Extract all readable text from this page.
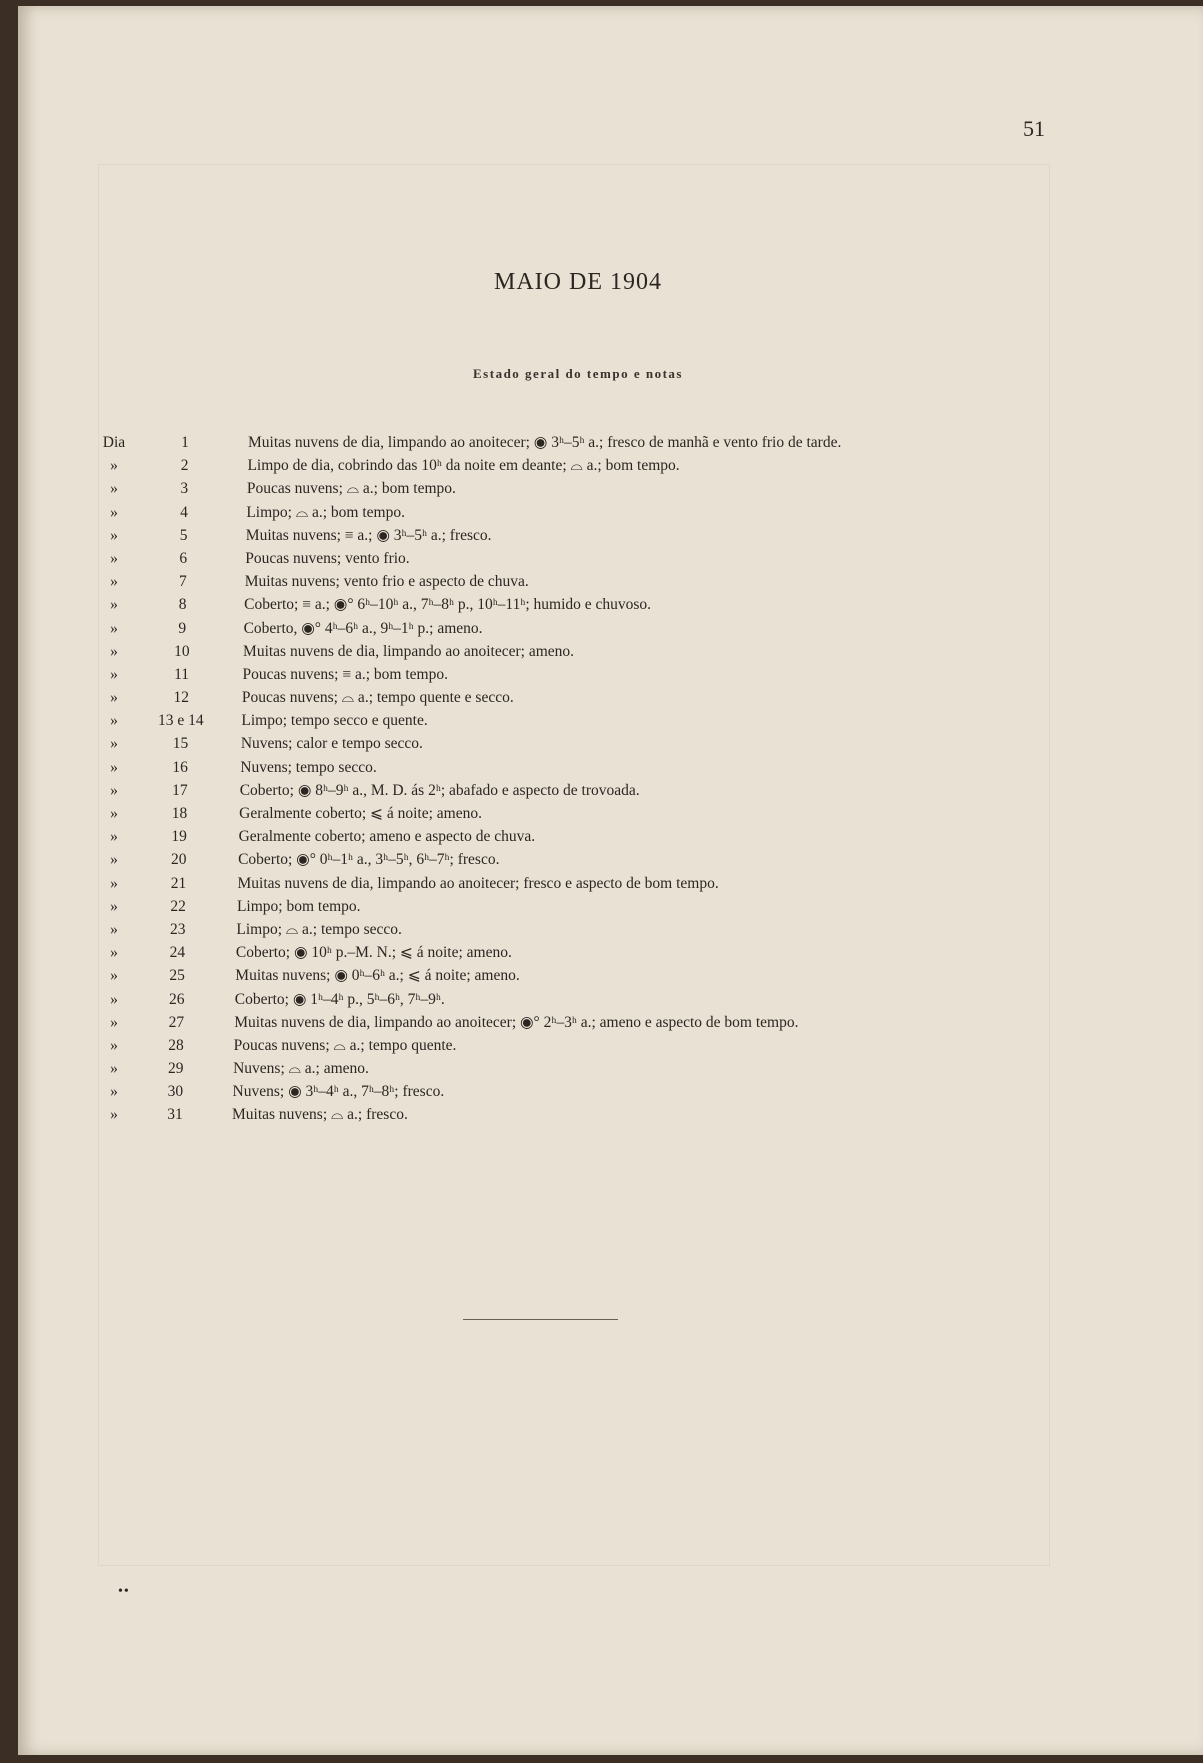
51
MAIO DE 1904
Estado geral do tempo e notas
Dia	1	Muitas nuvens de dia, limpando ao anoitecer; ◉ 3ʰ–5ʰ a.; fresco de manhã e vento frio de tarde.
»	2	Limpo de dia, cobrindo das 10ʰ da noite em deante; ⌓ a.; bom tempo.
»	3	Poucas nuvens; ⌓ a.; bom tempo.
»	4	Limpo; ⌓ a.; bom tempo.
»	5	Muitas nuvens; ≡ a.; ◉ 3ʰ–5ʰ a.; fresco.
»	6	Poucas nuvens; vento frio.
»	7	Muitas nuvens; vento frio e aspecto de chuva.
»	8	Coberto; ≡ a.; ◉° 6ʰ–10ʰ a., 7ʰ–8ʰ p., 10ʰ–11ʰ; humido e chuvoso.
»	9	Coberto, ◉° 4ʰ–6ʰ a., 9ʰ–1ʰ p.; ameno.
»	10	Muitas nuvens de dia, limpando ao anoitecer; ameno.
»	11	Poucas nuvens; ≡ a.; bom tempo.
»	12	Poucas nuvens; ⌓ a.; tempo quente e secco.
»	13 e 14	Limpo; tempo secco e quente.
»	15	Nuvens; calor e tempo secco.
»	16	Nuvens; tempo secco.
»	17	Coberto; ◉ 8ʰ–9ʰ a., M. D. ás 2ʰ; abafado e aspecto de trovoada.
»	18	Geralmente coberto; ⩽ á noite; ameno.
»	19	Geralmente coberto; ameno e aspecto de chuva.
»	20	Coberto; ◉° 0ʰ–1ʰ a., 3ʰ–5ʰ, 6ʰ–7ʰ; fresco.
»	21	Muitas nuvens de dia, limpando ao anoitecer; fresco e aspecto de bom tempo.
»	22	Limpo; bom tempo.
»	23	Limpo; ⌓ a.; tempo secco.
»	24	Coberto; ◉ 10ʰ p.–M. N.; ⩽ á noite; ameno.
»	25	Muitas nuvens; ◉ 0ʰ–6ʰ a.; ⩽ á noite; ameno.
»	26	Coberto; ◉ 1ʰ–4ʰ p., 5ʰ–6ʰ, 7ʰ–9ʰ.
»	27	Muitas nuvens de dia, limpando ao anoitecer; ◉° 2ʰ–3ʰ a.; ameno e aspecto de bom tempo.
»	28	Poucas nuvens; ⌓ a.; tempo quente.
»	29	Nuvens; ⌓ a.; ameno.
»	30	Nuvens; ◉ 3ʰ–4ʰ a., 7ʰ–8ʰ; fresco.
»	31	Muitas nuvens; ⌓ a.; fresco.
••
